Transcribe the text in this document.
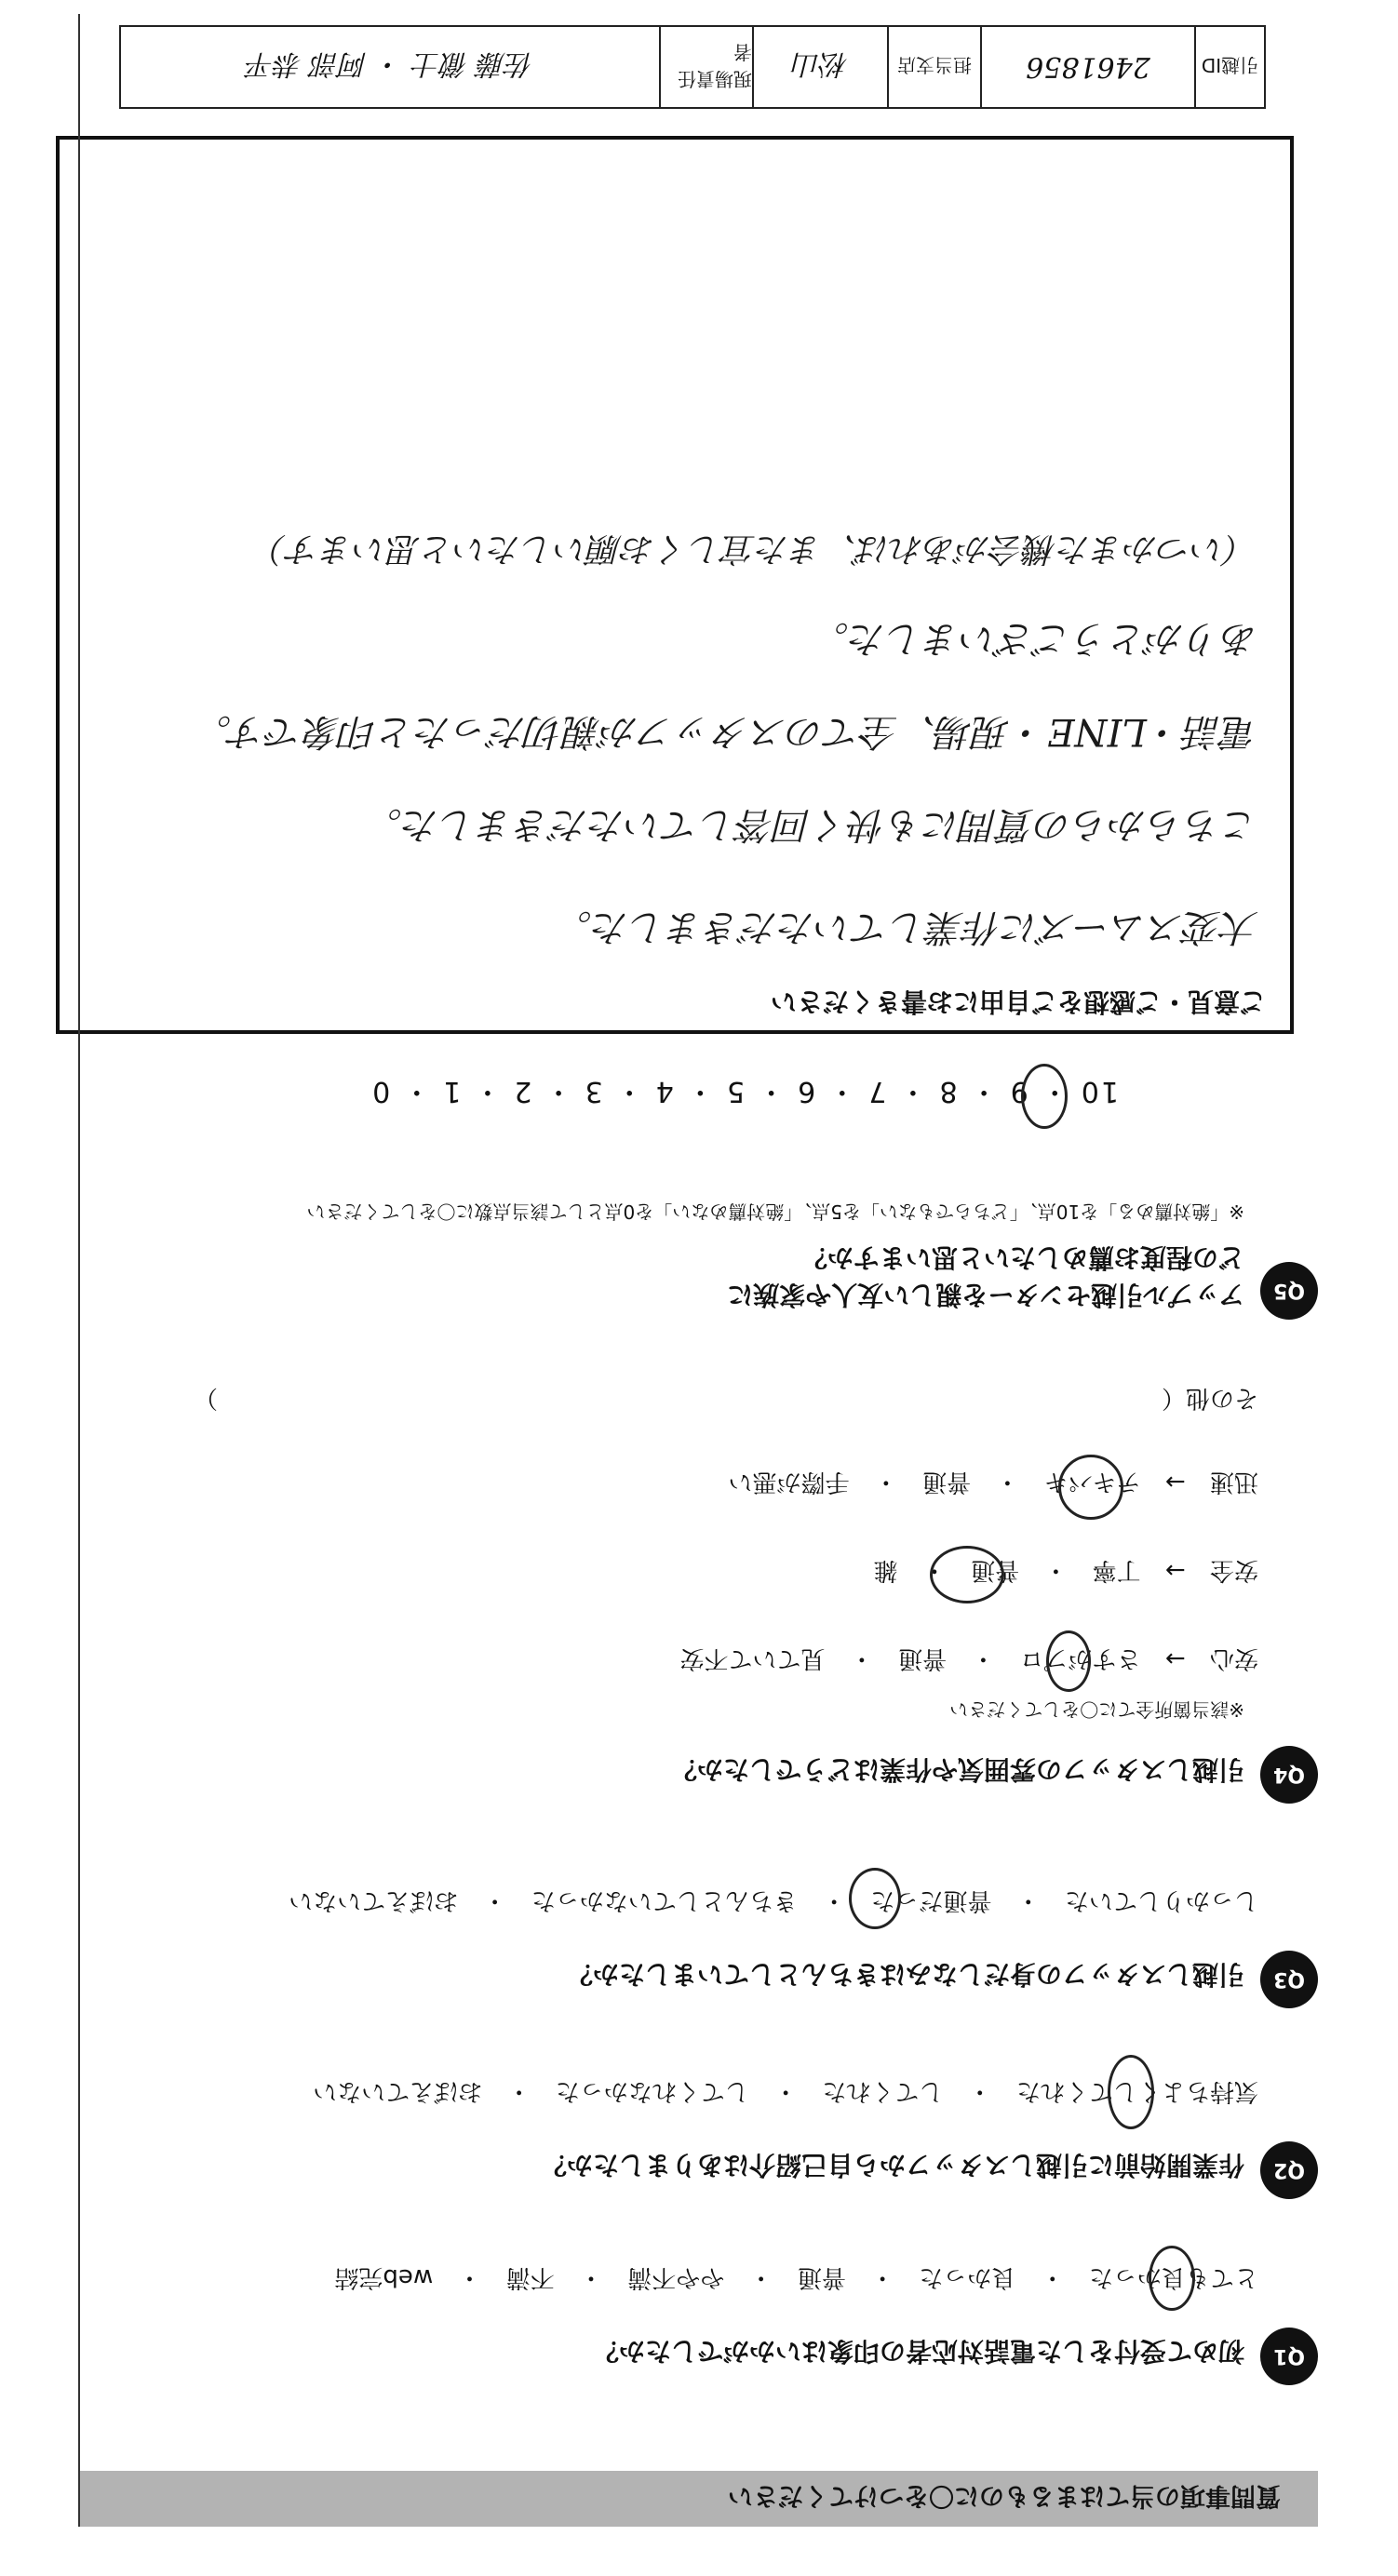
引越ID
2461856
担当支店
松山
現場責任者
佐藤 徹士 ・ 阿部 恭平
ご意見・ご感想をご自由にお書きください
大変スムーズに作業していただきました。
こちらからの質問にも快く回答していただきました。
電話・LINE・現場、全てのスタッフが親切だったと印象です。
ありがとうございました。
（いつかまた機会があれば、また宜しくお願いしたいと思います）
10 ・ 9 ・ 8 ・ 7 ・ 6 ・ 5 ・ 4 ・ 3 ・ 2 ・ 1 ・ 0
Q5
アップル引越センターを親しい友人や家族に
どの程度お薦めしたいと思いますか？
※「絶対薦める」を10点、「どちらでもない」を5点、「絶対薦めない」を0点として該当点数に〇をしてください
その他（　　　　　　　　　　　　　　　　　　　　　　　　　　　　　　　　　　　　　　　）
迅速 → テキパキ ・ 普通 ・ 手際が悪い
安全 → 丁寧 ・ 普通 ・ 雑
安心 → さすがプロ ・ 普通 ・ 見ていて不安
※該当箇所全てに〇をしてください
Q4
引越しスタッフの雰囲気や作業はどうでしたか？
しっかりしていた ・ 普通だった ・ きちんとしていなかった ・ おぼえていない
Q3
引越しスタッフの身だしなみはきちんとしていましたか？
気持ちよくしてくれた ・ してくれた ・ してくれなかった ・ おぼえていない
Q2
作業開始前に引越しスタッフから自己紹介はありましたか？
とても良かった ・ 良かった ・ 普通 ・ やや不満 ・ 不満 ・ web完結
Q1
初めて受付をした電話対応者の印象はいかがでしたか？
質問事項の当てはまるものに〇をつけてください
